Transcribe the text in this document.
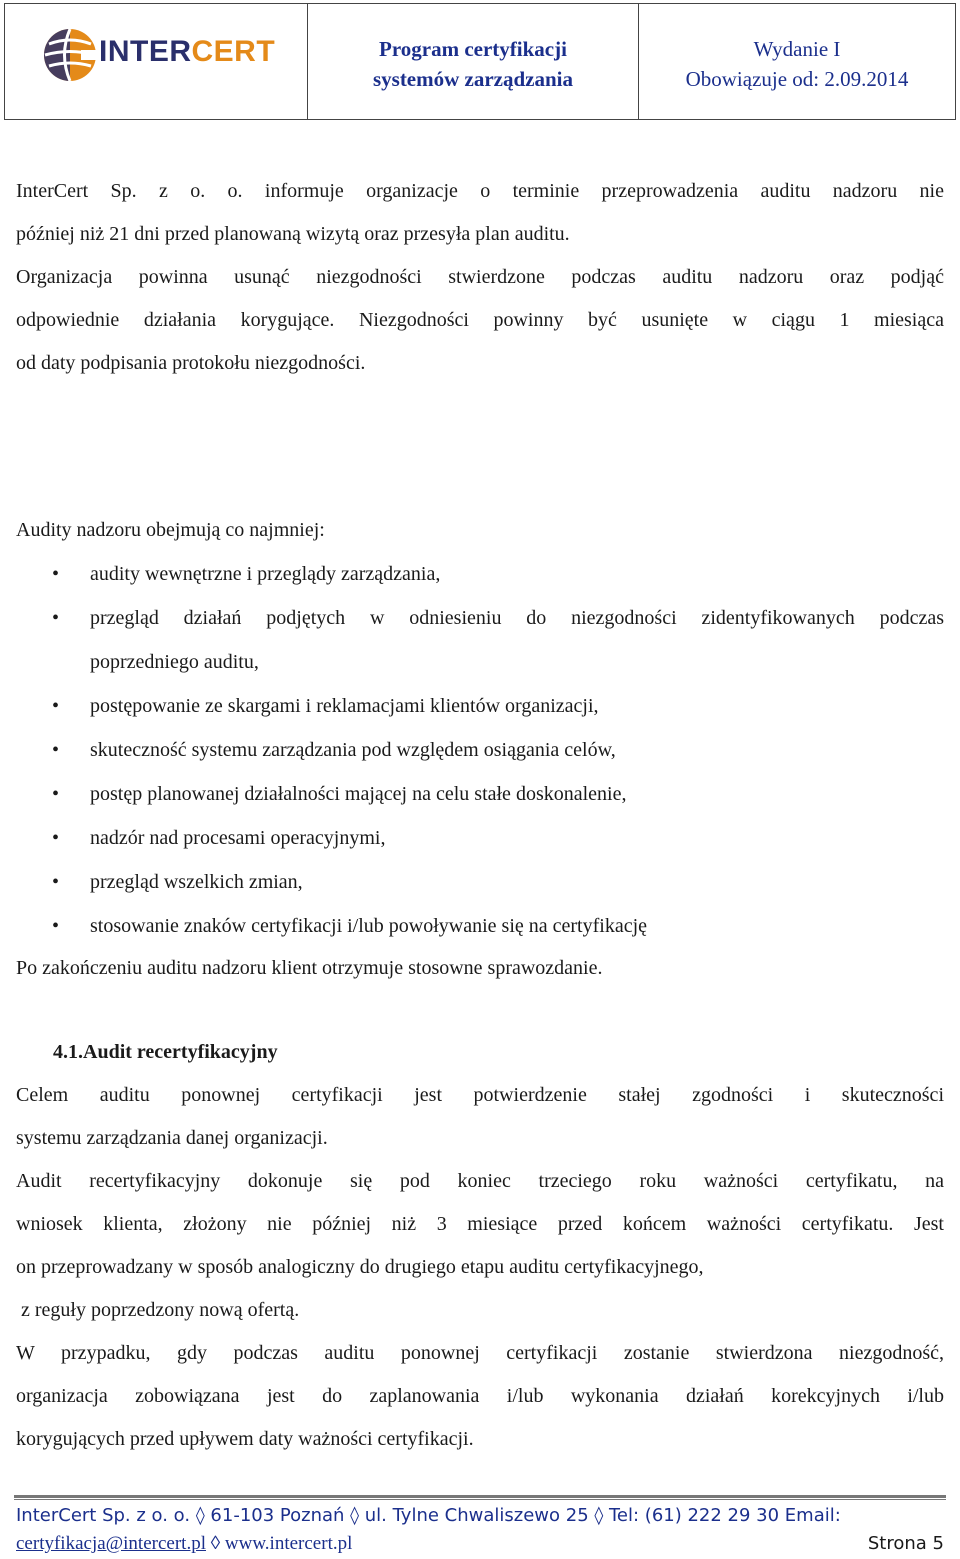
INTERCERT	Program certyfikacji
systemów zarządzania
Wydanie I
Obowiązuje od: 2.09.2014
InterCert Sp. z o. o. informuje organizacje o terminie przeprowadzenia auditu nadzoru nie
później niż 21 dni przed planowaną wizytą oraz przesyła plan auditu.
Organizacja powinna usunąć niezgodności stwierdzone podczas auditu nadzoru oraz podjąć
odpowiednie działania korygujące. Niezgodności powinny być usunięte w ciągu 1 miesiąca
od daty podpisania protokołu niezgodności.
Audity nadzoru obejmują co najmniej:
• audity wewnętrzne i przeglądy zarządzania,
• przegląd działań podjętych w odniesieniu do niezgodności zidentyfikowanych podczas
poprzedniego auditu,
• postępowanie ze skargami i reklamacjami klientów organizacji,
• skuteczność systemu zarządzania pod względem osiągania celów,
• postęp planowanej działalności mającej na celu stałe doskonalenie,
• nadzór nad procesami operacyjnymi,
• przegląd wszelkich zmian,
• stosowanie znaków certyfikacji i/lub powoływanie się na certyfikację
Po zakończeniu auditu nadzoru klient otrzymuje stosowne sprawozdanie.
4.1.Audit recertyfikacyjny
Celem auditu ponownej certyfikacji jest potwierdzenie stałej zgodności i skuteczności
systemu zarządzania danej organizacji.
Audit recertyfikacyjny dokonuje się pod koniec trzeciego roku ważności certyfikatu, na
wniosek klienta, złożony nie później niż 3 miesiące przed końcem ważności certyfikatu. Jest
on przeprowadzany w sposób analogiczny do drugiego etapu auditu certyfikacyjnego,
z reguły poprzedzony nową ofertą.
W przypadku, gdy podczas auditu ponownej certyfikacji zostanie stwierdzona niezgodność,
organizacja zobowiązana jest do zaplanowania i/lub wykonania działań korekcyjnych i/lub
korygujących przed upływem daty ważności certyfikacji.
InterCert Sp. z o. o. ◊ 61-103 Poznań ◊ ul. Tylne Chwaliszewo 25 ◊ Tel: (61) 222 29 30 Email:
certyfikacja@intercert.pl ◊ www.intercert.pl	Strona 5
